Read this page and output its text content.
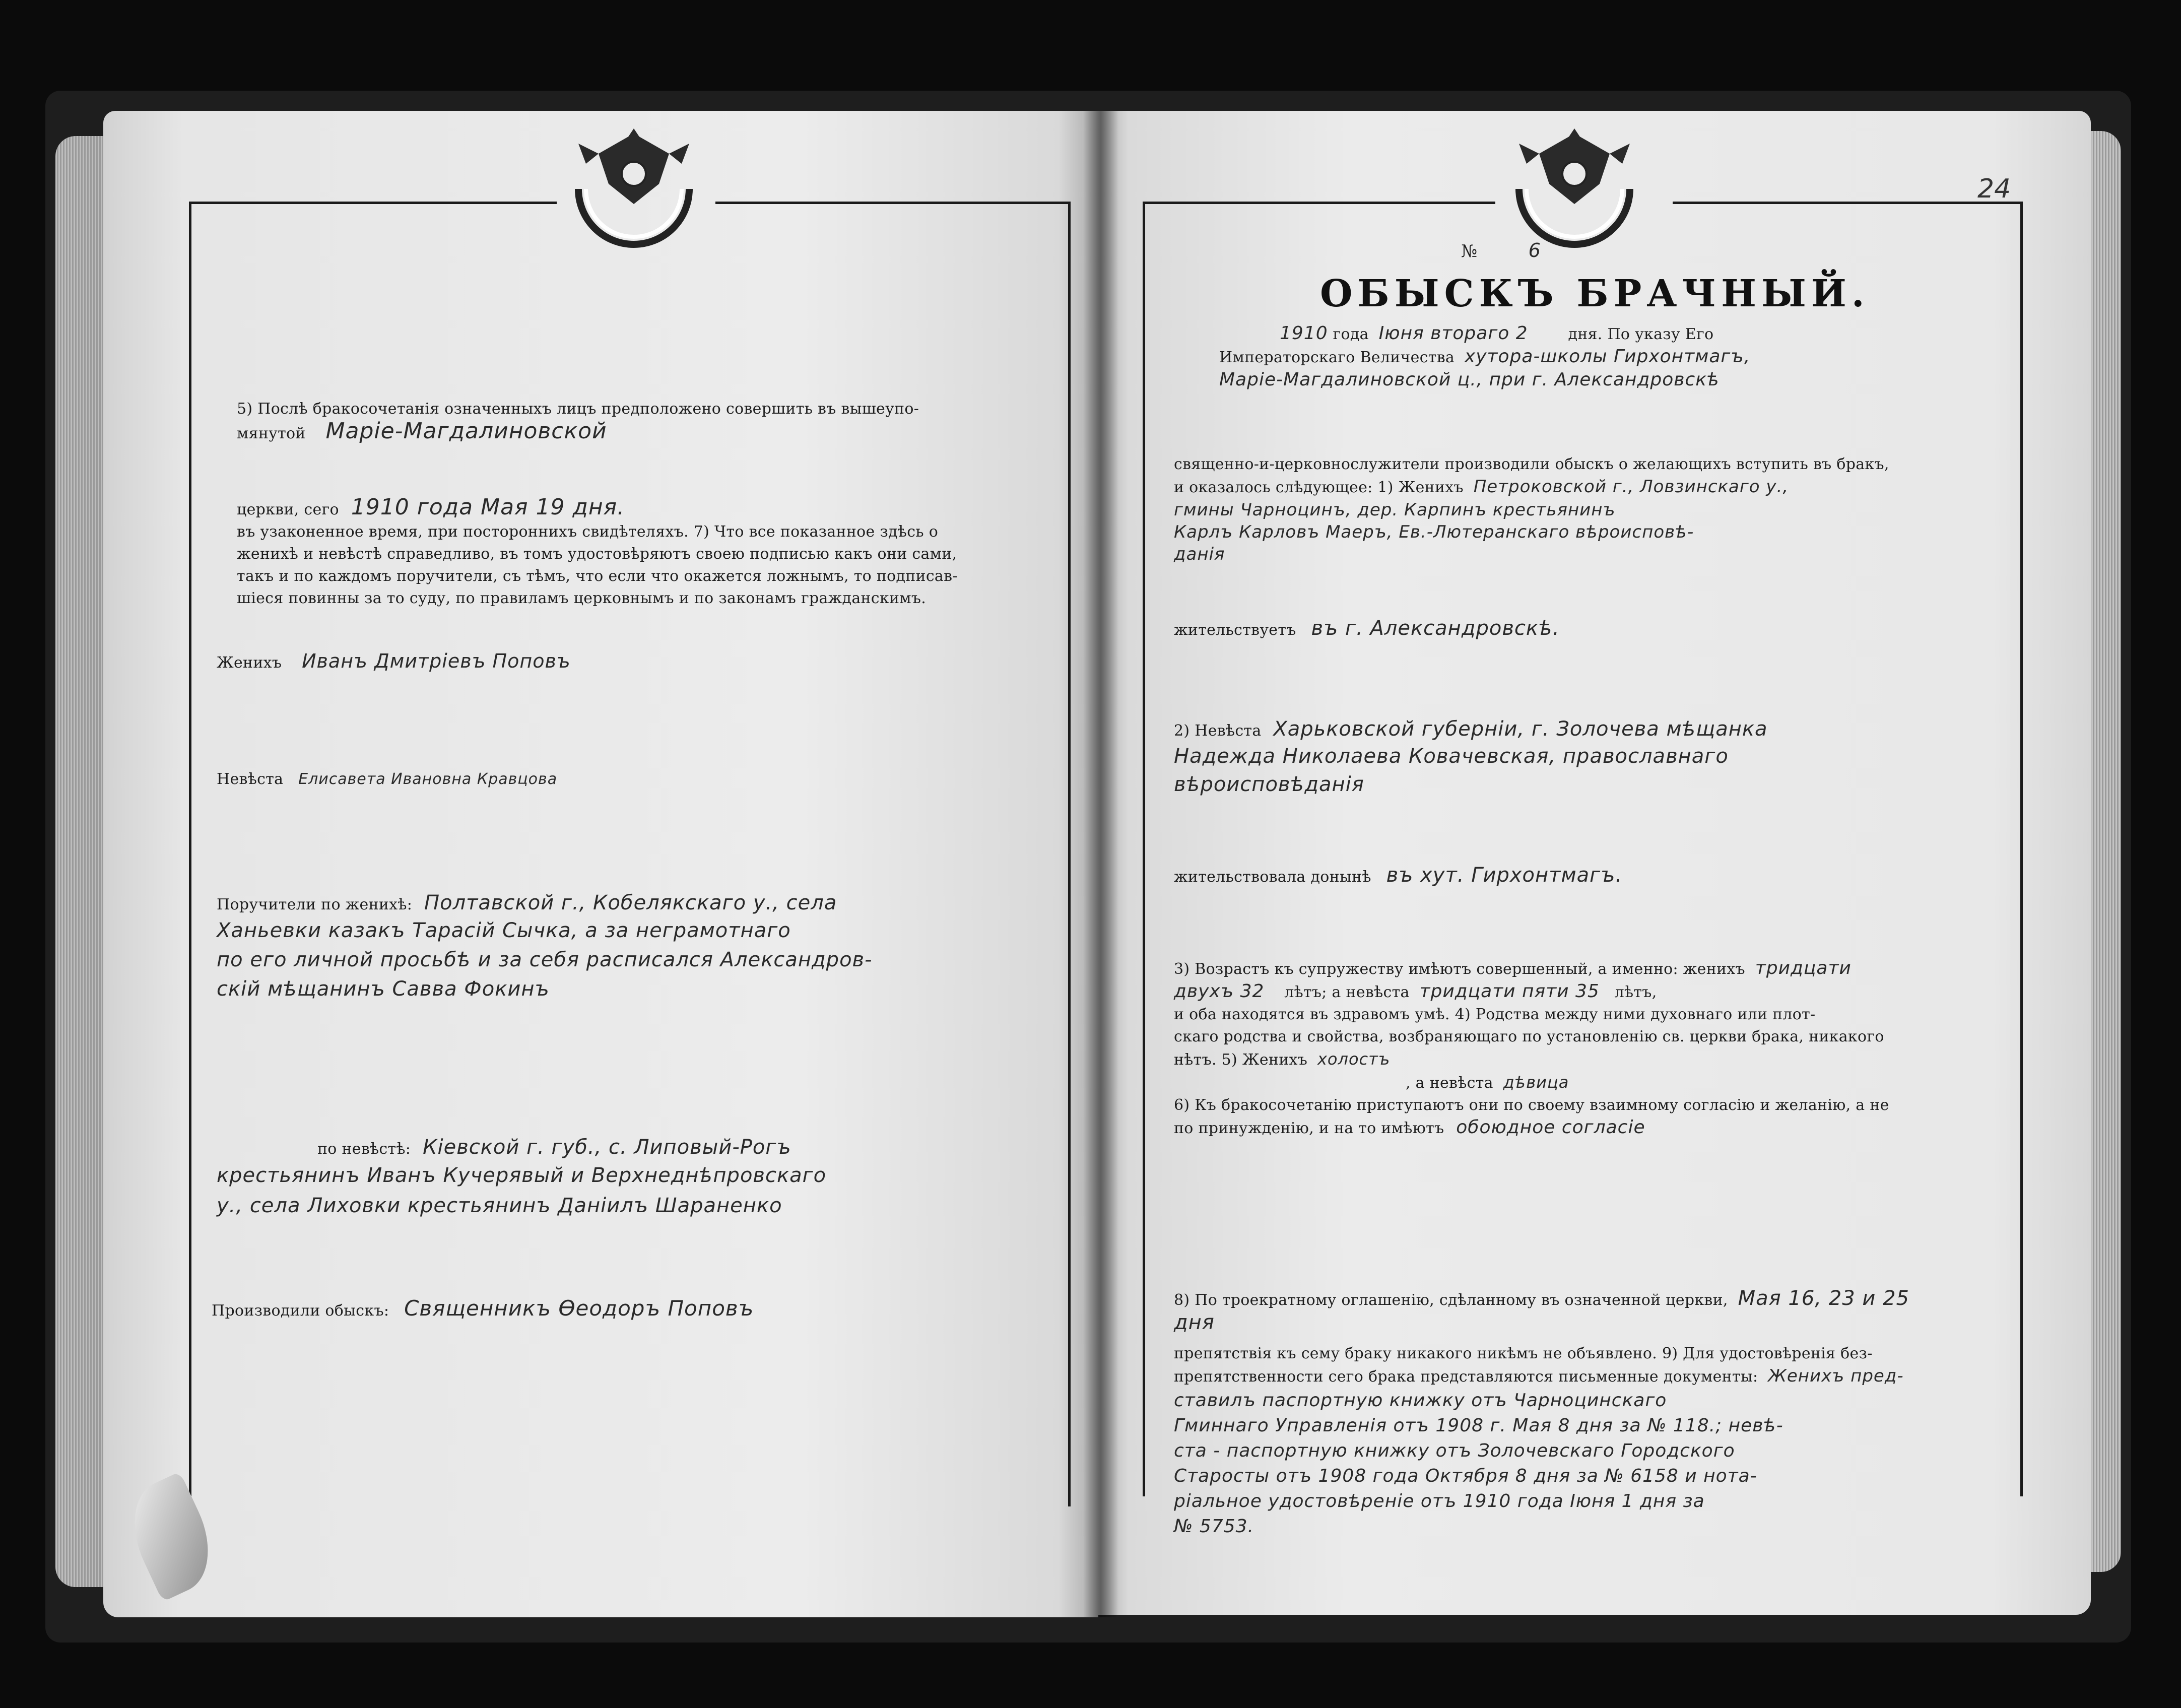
5) Послѣ бракосочетанія означенныхъ лицъ предположено совершить въ вышеупо-
мянутой Маріе-Магдалиновской
церкви, сего 1910 года Мая 19 дня.
въ узаконенное время, при постороннихъ свидѣтеляхъ. 7) Что все показанное здѣсь о
женихѣ и невѣстѣ справедливо, въ томъ удостовѣряютъ своею подписью какъ они сами,
такъ и по каждомъ поручители, съ тѣмъ, что если что окажется ложнымъ, то подписав-
шіеся повинны за то суду, по правиламъ церковнымъ и по законамъ гражданскимъ.
Женихъ Иванъ Дмитріевъ Поповъ
Невѣста Елисавета Ивановна Кравцова
Поручители по женихѣ: Полтавской г., Кобелякскаго у., села
Ханьевки казакъ Тарасій Сычка, а за неграмотнаго
по его личной просьбѣ и за себя расписался Александров-
скій мѣщанинъ Савва Фокинъ
по невѣстѣ: Кіевской г. губ., с. Липовый-Рогъ
крестьянинъ Иванъ Кучерявый и Верхнеднѣпровскаго
у., села Лиховки крестьянинъ Даніилъ Шараненко
Производили обыскъ: Священникъ Ѳеодоръ Поповъ
24
№	6
ОБЫСКЪ БРАЧНЫЙ.
1910 года Іюня втораго 2	дня. По указу Его
Императорскаго Величества хутора-школы Гирхонтмагъ,
Маріе-Магдалиновской ц., при г. Александровскѣ
священно-и-церковнослужители производили обыскъ о желающихъ вступить въ бракъ,
и оказалось слѣдующее: 1) Женихъ Петроковской г., Ловзинскаго у.,
гмины Чарноцинъ, дер. Карпинъ крестьянинъ
Карлъ Карловъ Маеръ, Ев.-Лютеранскаго вѣроисповѣ-
данія
жительствуетъ въ г. Александровскѣ.
2) Невѣста Харьковской губерніи, г. Золочева мѣщанка
Надежда Николаева Ковачевская, православнаго
вѣроисповѣданія
жительствовала донынѣ въ хут. Гирхонтмагъ.
3) Возрастъ къ супружеству имѣютъ совершенный, а именно: женихъ тридцати
двухъ 32 лѣтъ; а невѣста тридцати пяти 35 лѣтъ,
и оба находятся въ здравомъ умѣ. 4) Родства между ними духовнаго или плот-
скаго родства и свойства, возбраняющаго по установленію св. церкви брака, никакого
нѣтъ. 5) Женихъ холостъ
, а невѣста дѣвица
6) Къ бракосочетанію приступаютъ они по своему взаимному согласію и желанію, а не
по принужденію, и на то имѣютъ обоюдное согласіе
8) По троекратному оглашенію, сдѣланному въ означенной церкви, Мая 16, 23 и 25
дня
препятствія къ сему браку никакого никѣмъ не объявлено. 9) Для удостовѣренія без-
препятственности сего брака представляются письменные документы: Женихъ пред-
ставилъ паспортную книжку отъ Чарноцинскаго
Гминнаго Управленія отъ 1908 г. Мая 8 дня за № 118.; невѣ-
ста - паспортную книжку отъ Золочевскаго Городского
Старосты отъ 1908 года Октября 8 дня за № 6158 и нота-
ріальное удостовѣреніе отъ 1910 года Іюня 1 дня за
№ 5753.
